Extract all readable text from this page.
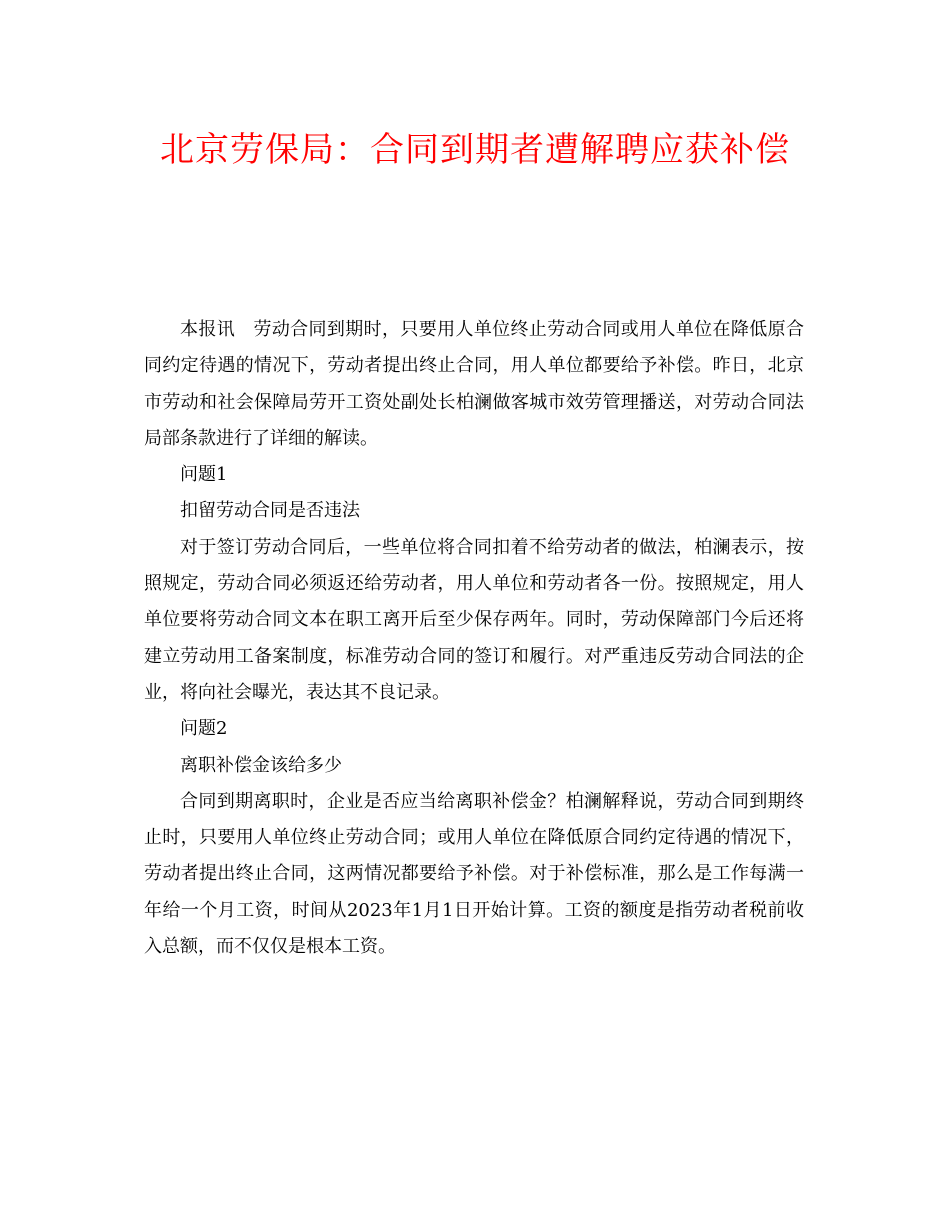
北京劳保局：合同到期者遭解聘应获补偿

本报讯　劳动合同到期时，只要用人单位终止劳动合同或用人单位在降低原合同约定待遇的情况下，劳动者提出终止合同，用人单位都要给予补偿。昨日，北京市劳动和社会保障局劳开工资处副处长柏澜做客城市效劳管理播送，对劳动合同法局部条款进行了详细的解读。

问题1

扣留劳动合同是否违法

对于签订劳动合同后，一些单位将合同扣着不给劳动者的做法，柏澜表示，按照规定，劳动合同必须返还给劳动者，用人单位和劳动者各一份。按照规定，用人单位要将劳动合同文本在职工离开后至少保存两年。同时，劳动保障部门今后还将建立劳动用工备案制度，标准劳动合同的签订和履行。对严重违反劳动合同法的企业，将向社会曝光，表达其不良记录。

问题2

离职补偿金该给多少

合同到期离职时，企业是否应当给离职补偿金？柏澜解释说，劳动合同到期终止时，只要用人单位终止劳动合同；或用人单位在降低原合同约定待遇的情况下，劳动者提出终止合同，这两情况都要给予补偿。对于补偿标准，那么是工作每满一年给一个月工资，时间从2023年1月1日开始计算。工资的额度是指劳动者税前收入总额，而不仅仅是根本工资。
